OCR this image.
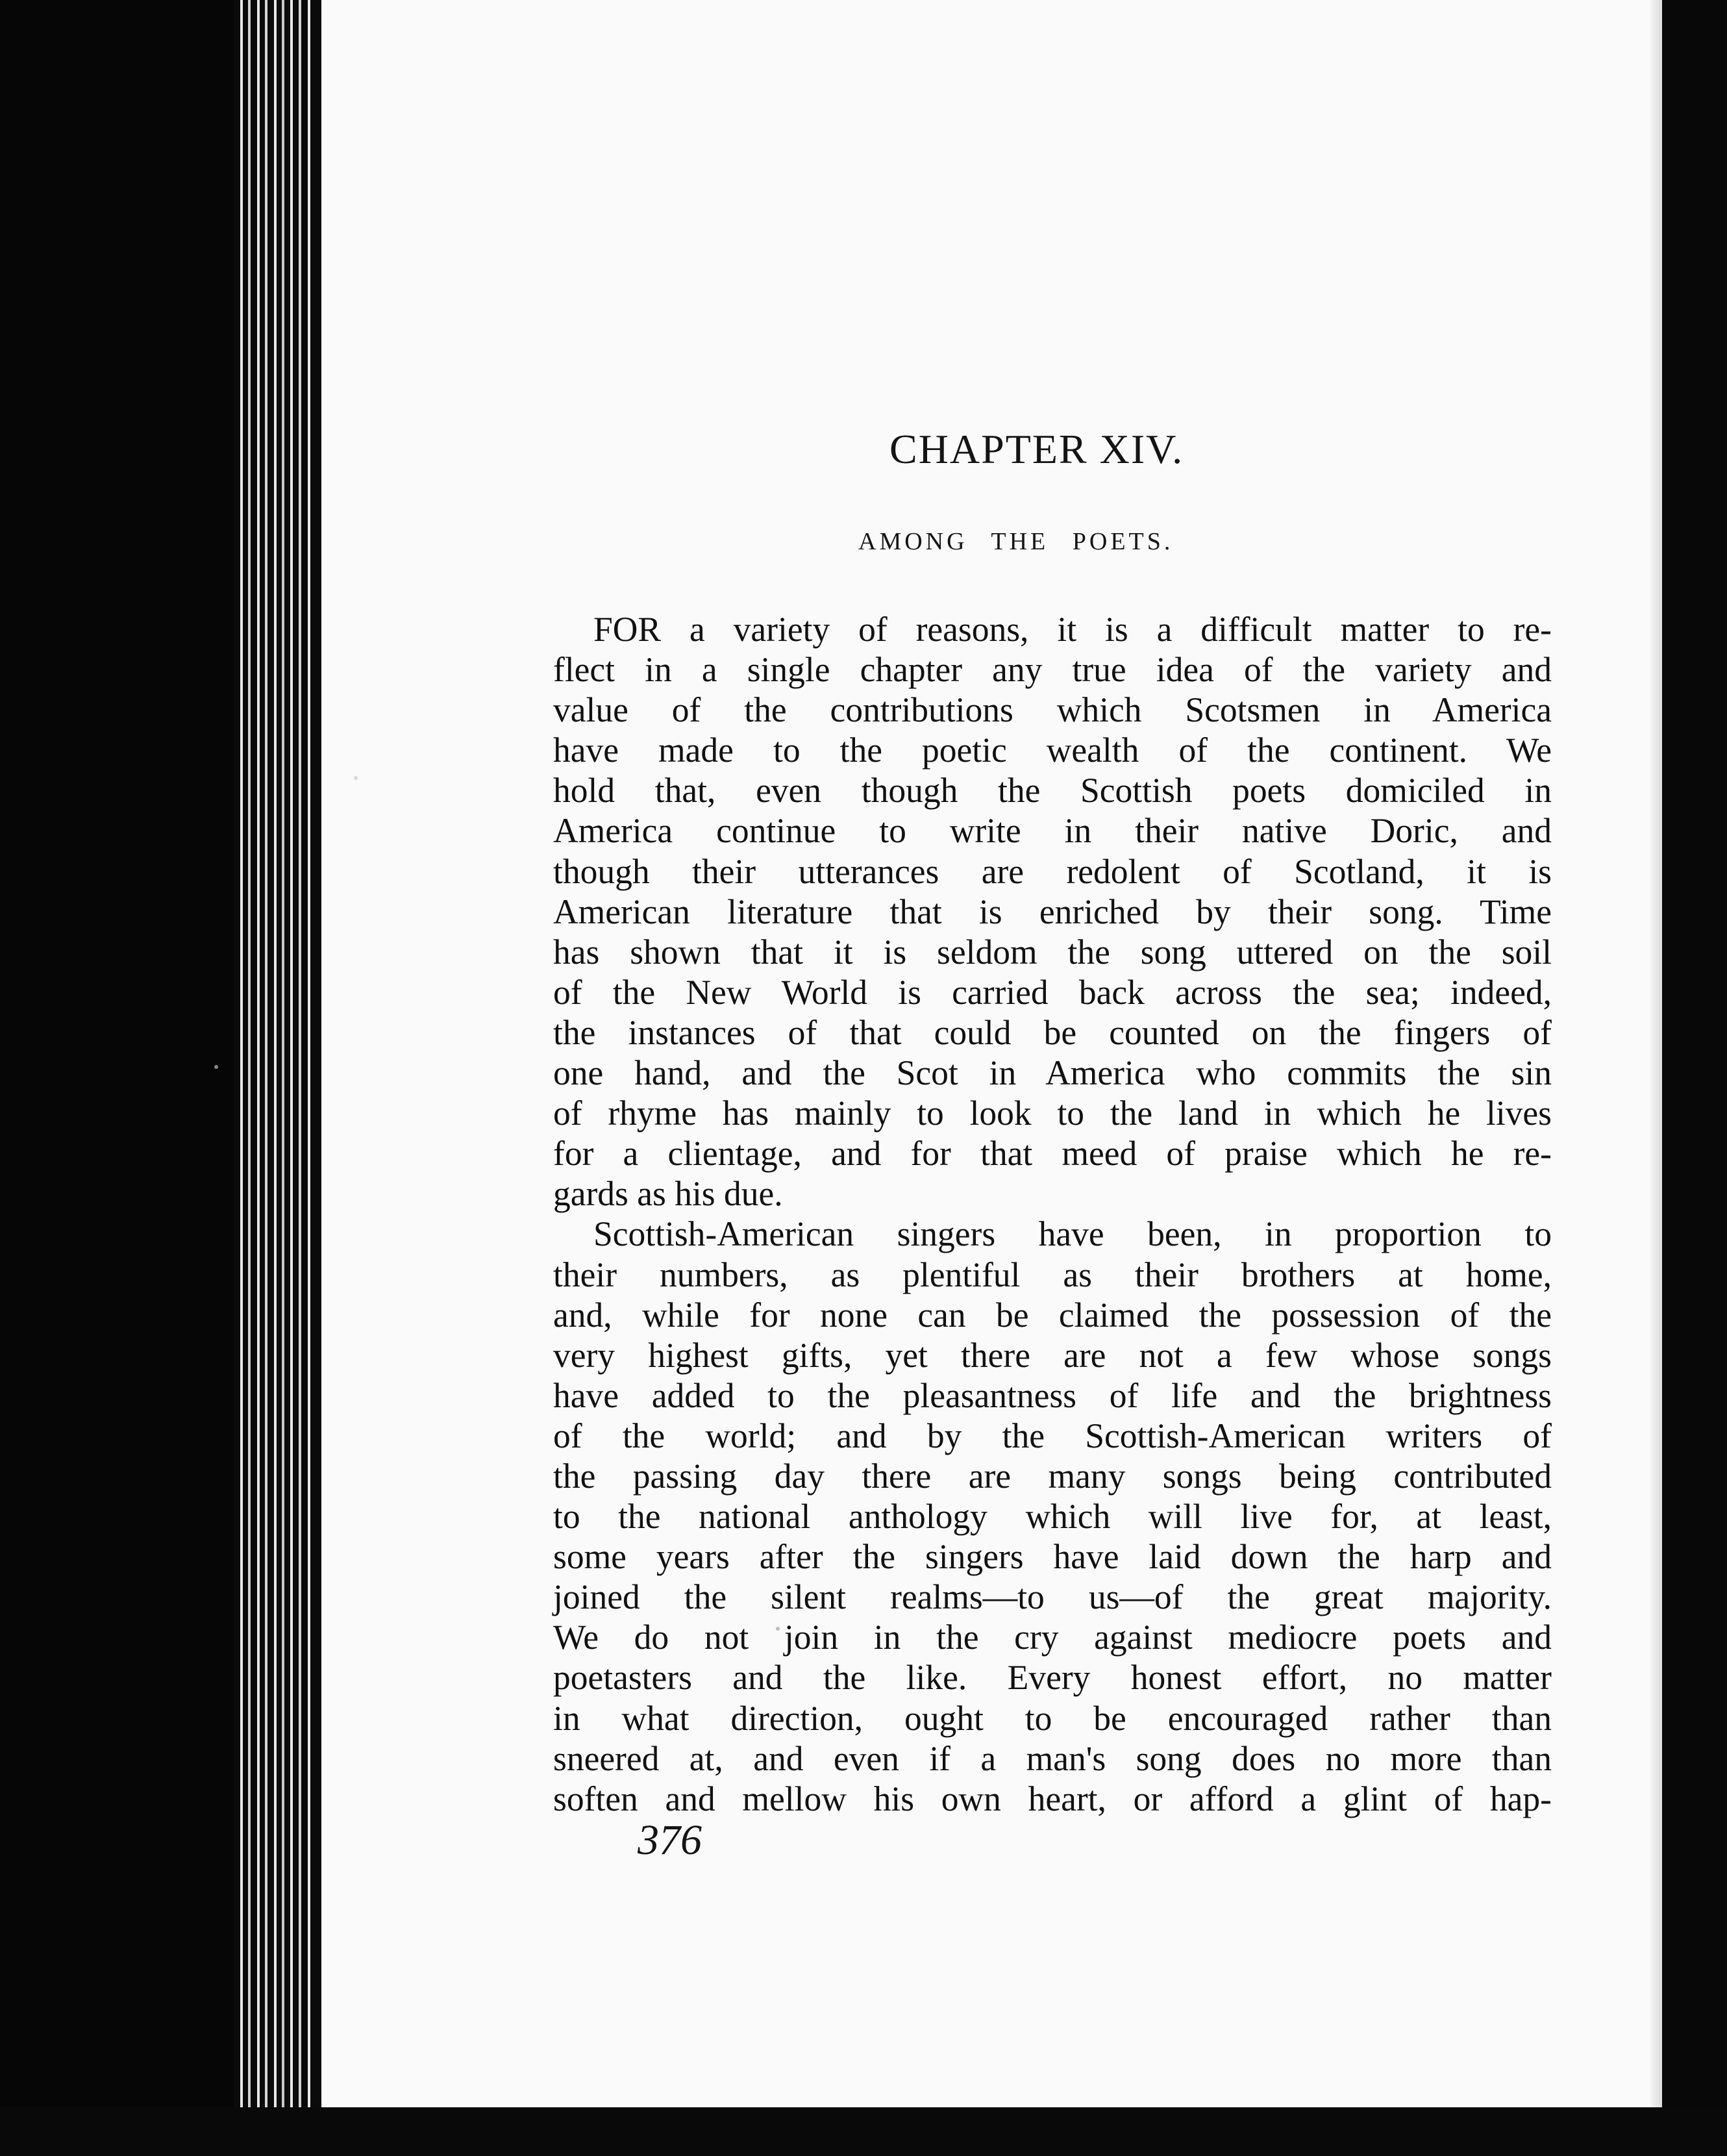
CHAPTER XIV.
AMONG THE POETS.
FOR a variety of reasons, it is a difficult matter to re-
flect in a single chapter any true idea of the variety and
value of the contributions which Scotsmen in America
have made to the poetic wealth of the continent. We
hold that, even though the Scottish poets domiciled in
America continue to write in their native Doric, and
though their utterances are redolent of Scotland, it is
American literature that is enriched by their song. Time
has shown that it is seldom the song uttered on the soil
of the New World is carried back across the sea; indeed,
the instances of that could be counted on the fingers of
one hand, and the Scot in America who commits the sin
of rhyme has mainly to look to the land in which he lives
for a clientage, and for that meed of praise which he re-
gards as his due.
Scottish-American singers have been, in proportion to
their numbers, as plentiful as their brothers at home,
and, while for none can be claimed the possession of the
very highest gifts, yet there are not a few whose songs
have added to the pleasantness of life and the brightness
of the world; and by the Scottish-American writers of
the passing day there are many songs being contributed
to the national anthology which will live for, at least,
some years after the singers have laid down the harp and
joined the silent realms—to us—of the great majority.
We do not join in the cry against mediocre poets and
poetasters and the like. Every honest effort, no matter
in what direction, ought to be encouraged rather than
sneered at, and even if a man's song does no more than
soften and mellow his own heart, or afford a glint of hap-
376
